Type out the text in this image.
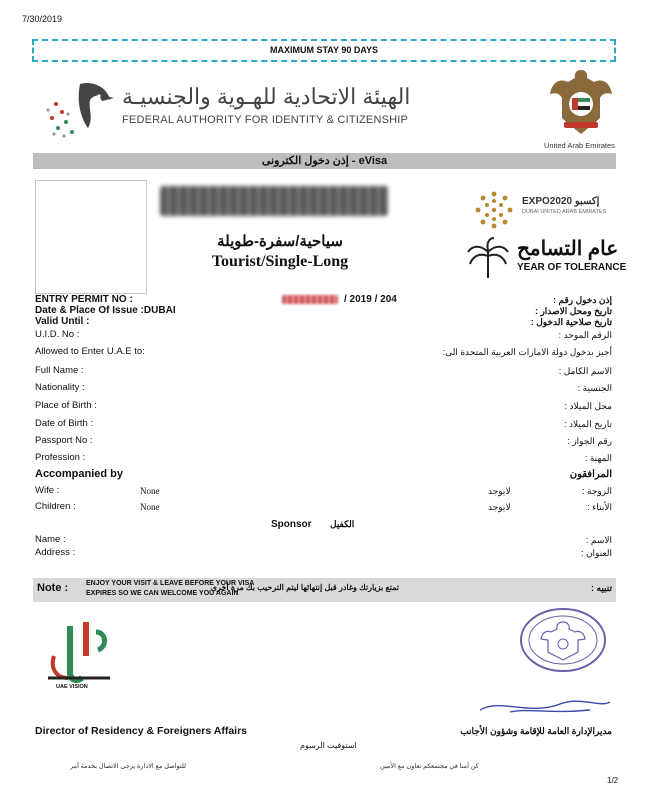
7/30/2019
MAXIMUM STAY 90 DAYS
الهيئة الاتحادية للهـوية والجنسيـة
FEDERAL AUTHORITY FOR IDENTITY & CITIZENSHIP
United Arab Emirates
إذن دخول الكترونى - eVisa
سياحية/سفرة-طويلة
Tourist/Single-Long
EXPO2020 إكسبو
DUBAI UNITED ARAB EMIRATES
عام التسامح
YEAR OF TOLERANCE
ENTRY PERMIT NO :	/ 2019 / 204	إذن دخول رقم :
Date & Place Of Issue :DUBAI	تاريخ ومحل الاصدار :
Valid Until :	تاريخ صلاحية الدخول :
U.I.D. No :	الرقم الموحد :
Allowed to Enter U.A.E to:	أجيز بدخول دولة الامارات العربية المتحدة الى:
Full Name :	الاسم الكامل :
Nationality :	الجنسية :
Place of Birth :	محل الميلاد :
Date of Birth :	تاريخ الميلاد :
Passport No :	رقم الجواز :
Profession :	المهنة :
Accompanied by	المرافقون
Wife :	None	لايوجد	الزوجة :
Children :	None	لايوجد	الأبناء :
Sponsor الكفيل
Name :	الاسم :
Address :	العنوان :
Note :	ENJOY YOUR VISIT & LEAVE BEFORE YOUR VISA EXPIRES SO WE CAN WELCOME YOU AGAIN
تمتع بزيارتك وغادر قبل إنتهائها ليتم الترحيب بك مرة أخرى	تنبيه :
UAE VISION
Director of Residency & Foreigners Affairs	مديرالإدارة العامة للإقامة وشؤون الأجانب
استوفيت الرسوم
للتواصل مع الادارة يرجى الاتصال بخدمة أمر	كن آمنا في مجتمعكم تعاون مع الأمين
1/2
